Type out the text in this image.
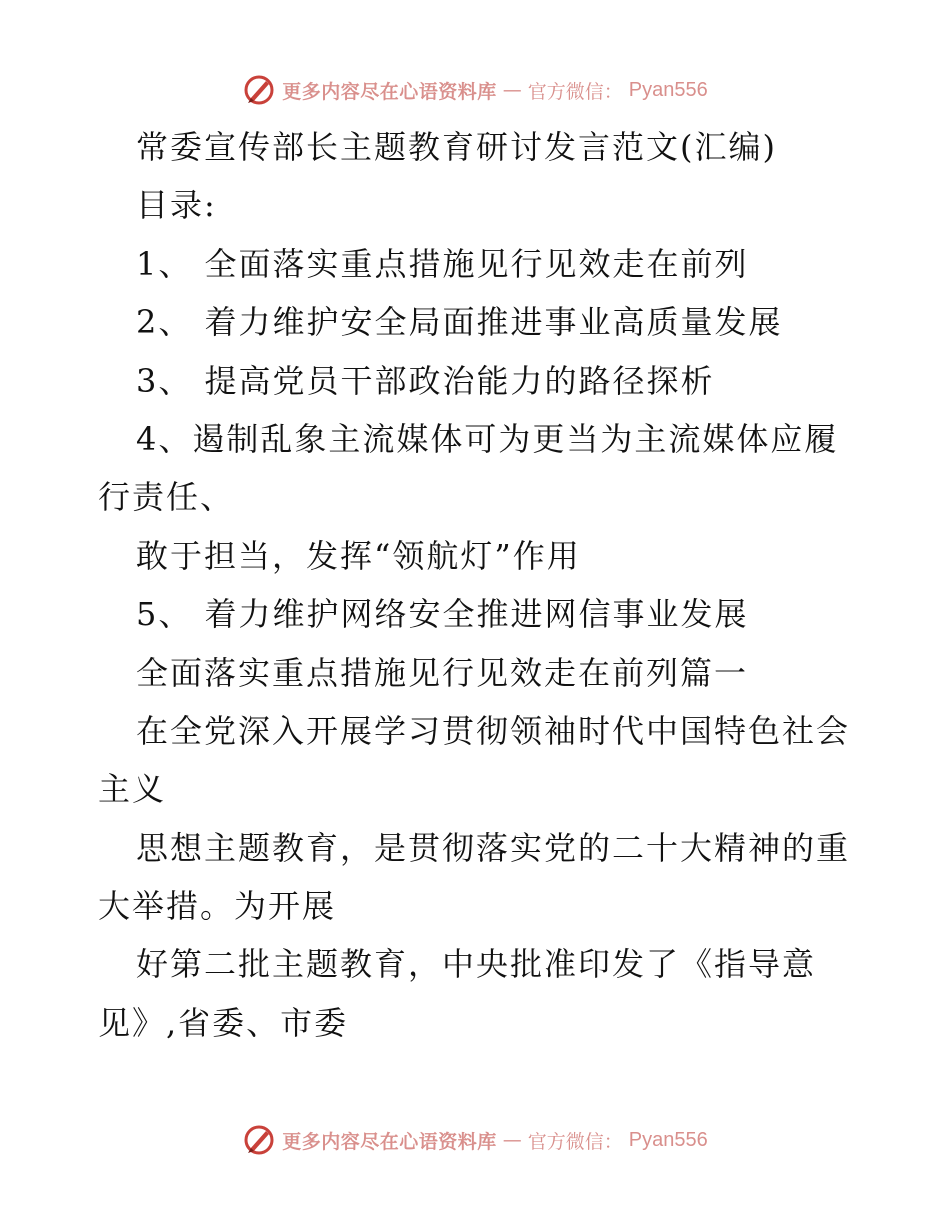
更多内容尽在心语资料库 — 官方微信： Pyan556
常委宣传部长主题教育研讨发言范文(汇编)
目录:
1、 全面落实重点措施见行见效走在前列
2、 着力维护安全局面推进事业高质量发展
3、 提高党员干部政治能力的路径探析
4、遏制乱象主流媒体可为更当为主流媒体应履
行责任、
敢于担当，发挥“领航灯”作用
5、 着力维护网络安全推进网信事业发展
全面落实重点措施见行见效走在前列篇一
在全党深入开展学习贯彻领袖时代中国特色社会
主义
思想主题教育，是贯彻落实党的二十大精神的重
大举措。为开展
好第二批主题教育，中央批准印发了《指导意
见》,省委、市委
更多内容尽在心语资料库 — 官方微信： Pyan556
